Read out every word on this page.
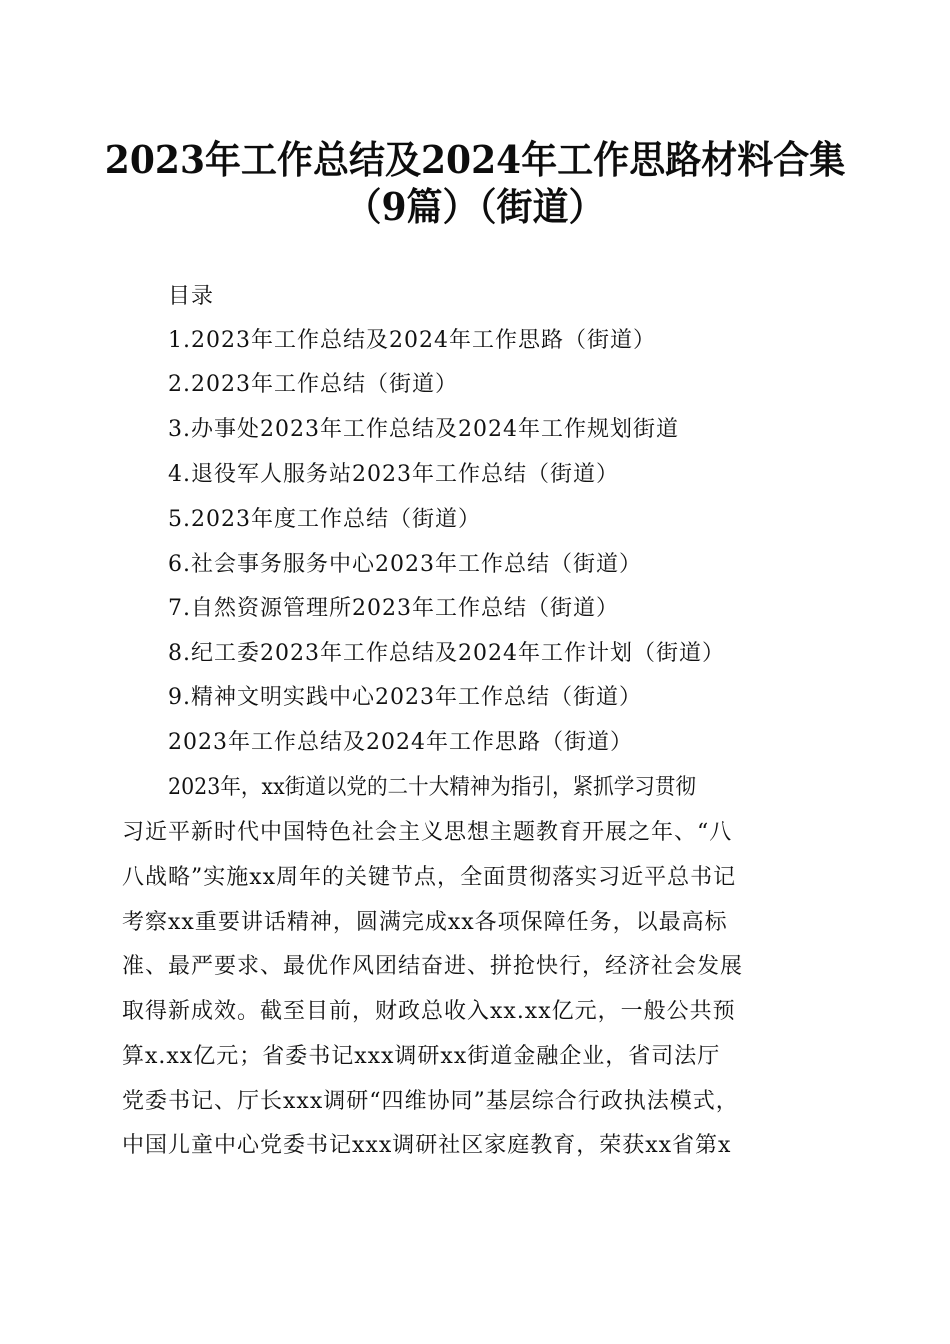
2023年工作总结及2024年工作思路材料合集
（9篇）（街道）
目录
1.2023年工作总结及2024年工作思路（街道）
2.2023年工作总结（街道）
3.办事处2023年工作总结及2024年工作规划街道
4.退役军人服务站2023年工作总结（街道）
5.2023年度工作总结（街道）
6.社会事务服务中心2023年工作总结（街道）
7.自然资源管理所2023年工作总结（街道）
8.纪工委2023年工作总结及2024年工作计划（街道）
9.精神文明实践中心2023年工作总结（街道）
2023年工作总结及2024年工作思路（街道）
2023年，xx街道以党的二十大精神为指引，紧抓学习贯彻
习近平新时代中国特色社会主义思想主题教育开展之年、“八
八战略”实施xx周年的关键节点，全面贯彻落实习近平总书记
考察xx重要讲话精神，圆满完成xx各项保障任务，以最高标
准、最严要求、最优作风团结奋进、拼抢快行，经济社会发展
取得新成效。截至目前，财政总收入xx.xx亿元，一般公共预
算x.xx亿元；省委书记xxx调研xx街道金融企业，省司法厅
党委书记、厅长xxx调研“四维协同”基层综合行政执法模式，
中国儿童中心党委书记xxx调研社区家庭教育，荣获xx省第x
